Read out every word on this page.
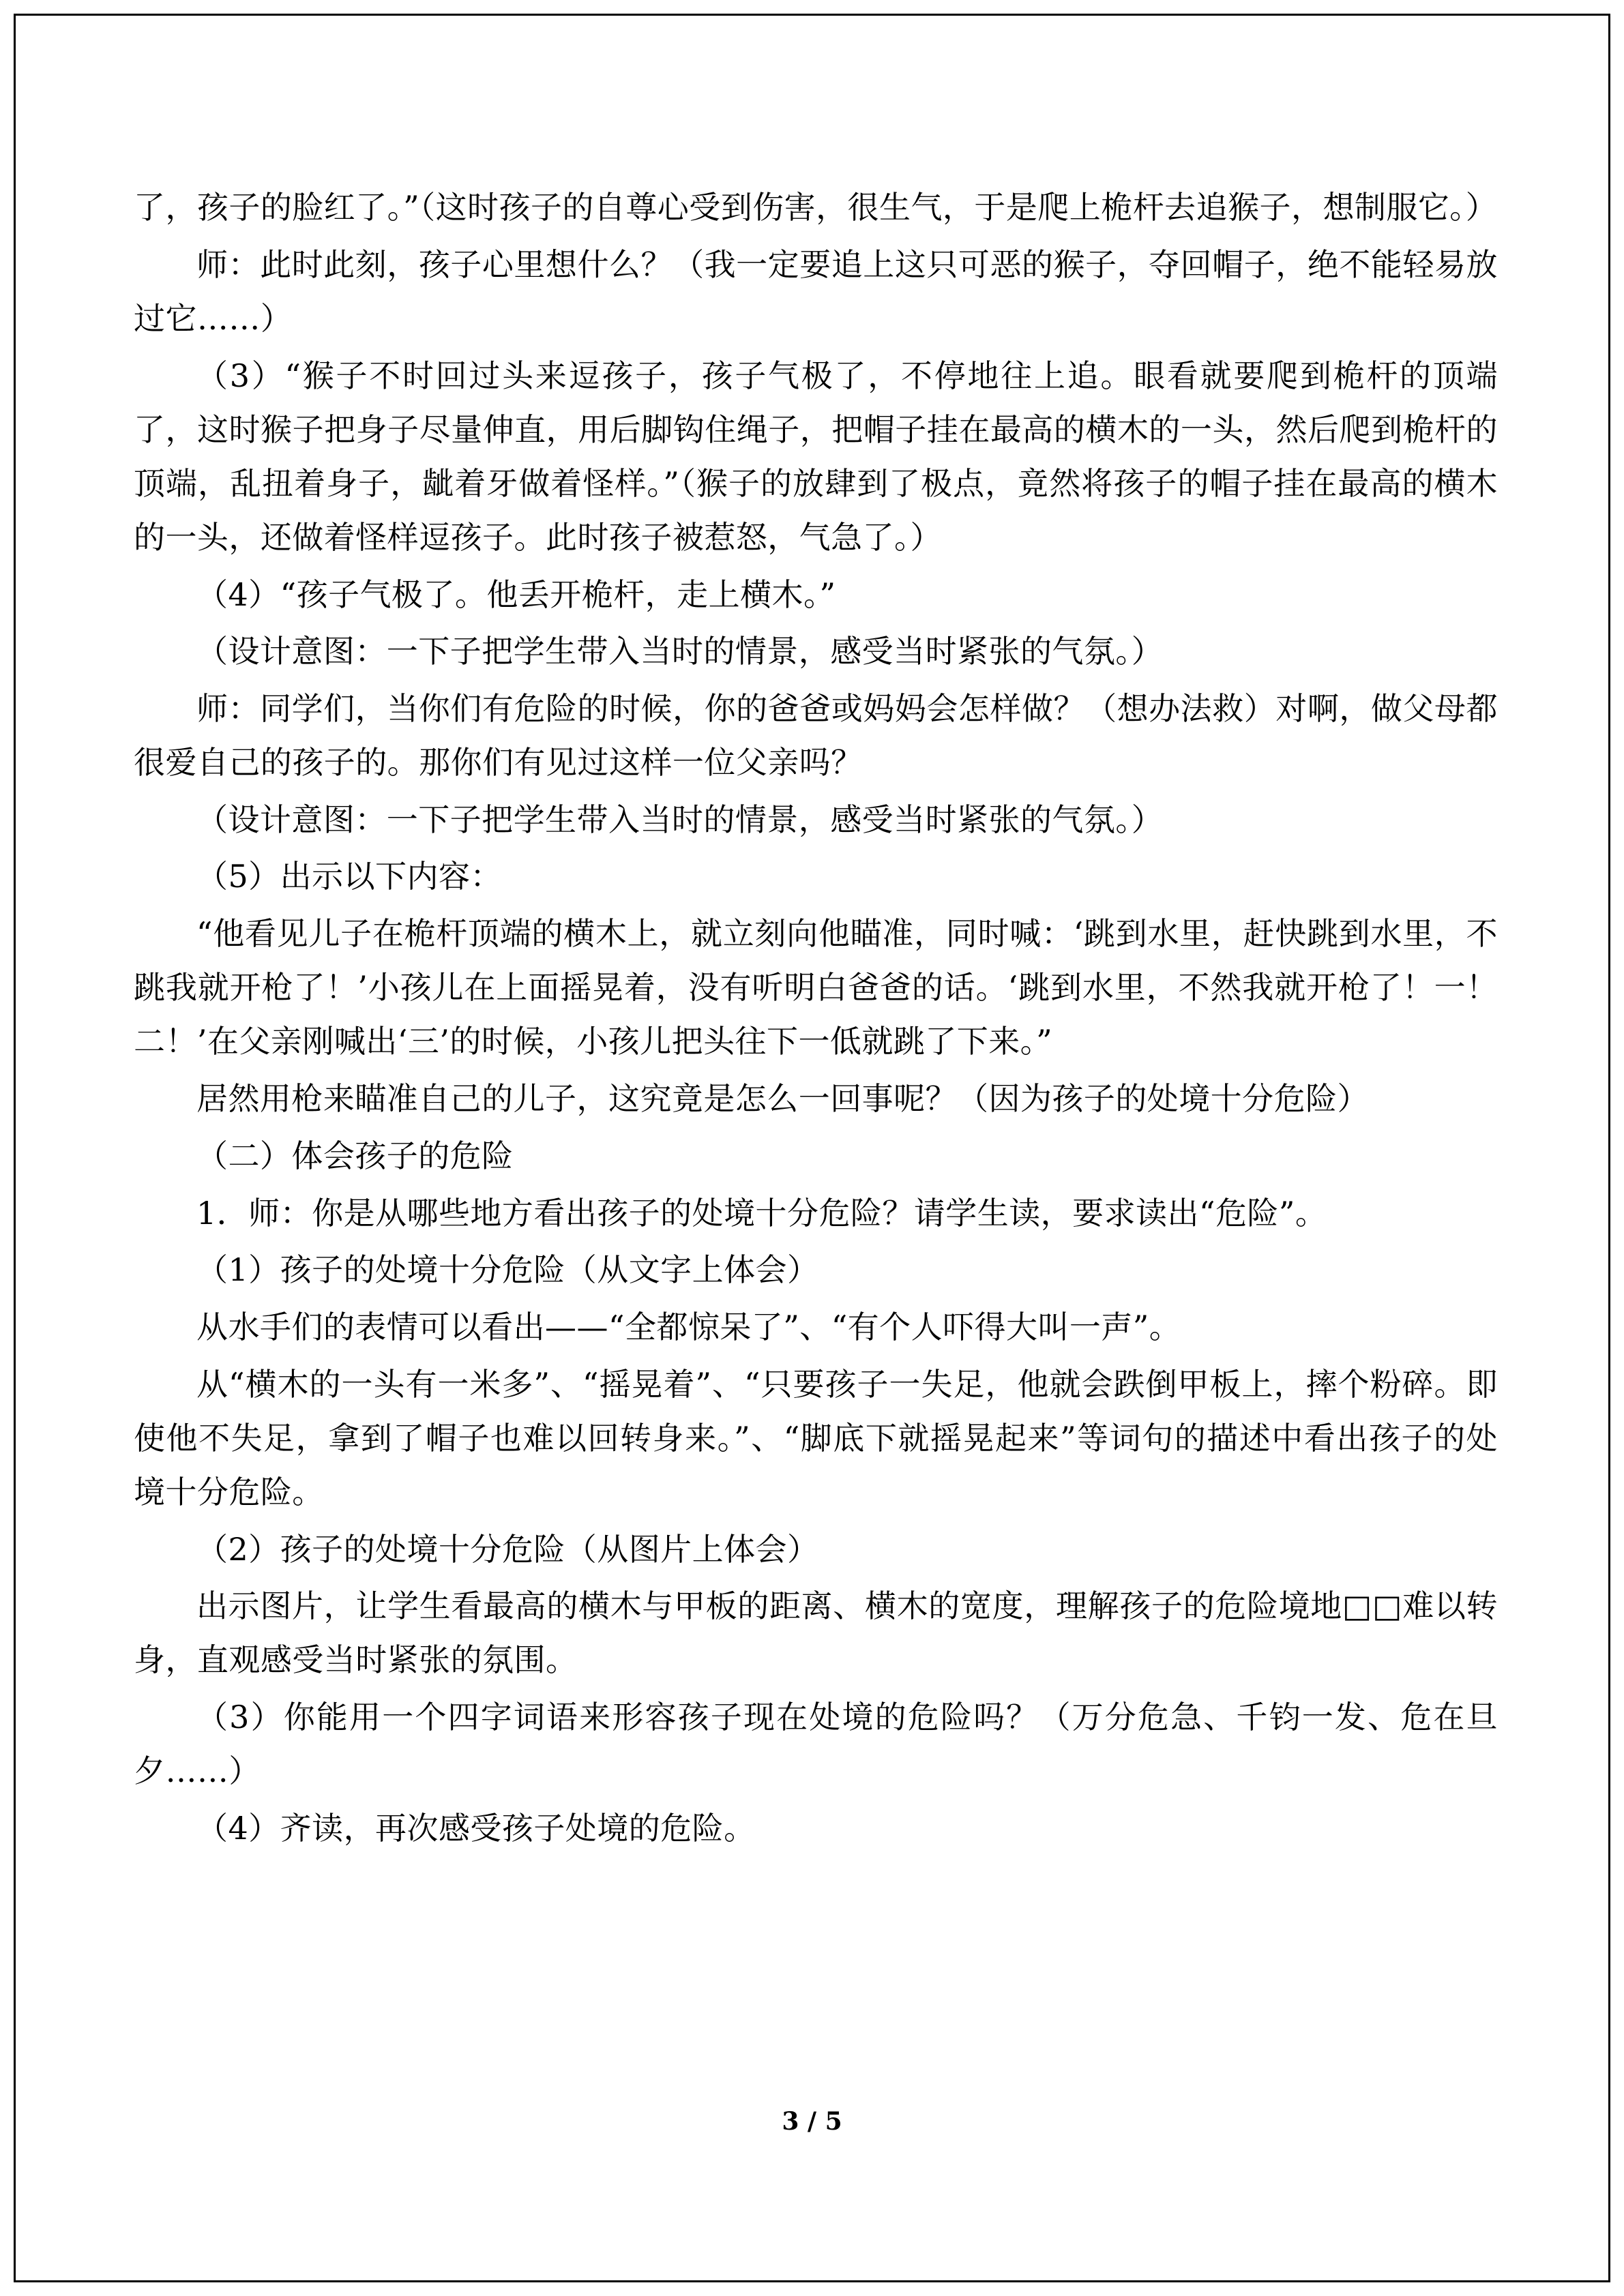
了，孩子的脸红了。”（这时孩子的自尊心受到伤害，很生气，于是爬上桅杆去追猴子，想制服它。）

师：此时此刻，孩子心里想什么？（我一定要追上这只可恶的猴子，夺回帽子，绝不能轻易放过它……）

（3）“猴子不时回过头来逗孩子，孩子气极了，不停地往上追。眼看就要爬到桅杆的顶端了，这时猴子把身子尽量伸直，用后脚钩住绳子，把帽子挂在最高的横木的一头，然后爬到桅杆的顶端，乱扭着身子，龇着牙做着怪样。”（猴子的放肆到了极点，竟然将孩子的帽子挂在最高的横木的一头，还做着怪样逗孩子。此时孩子被惹怒，气急了。）

（4）“孩子气极了。他丢开桅杆，走上横木。”

（设计意图：一下子把学生带入当时的情景，感受当时紧张的气氛。）

师：同学们，当你们有危险的时候，你的爸爸或妈妈会怎样做？（想办法救）对啊，做父母都很爱自己的孩子的。那你们有见过这样一位父亲吗？

（设计意图：一下子把学生带入当时的情景，感受当时紧张的气氛。）

（5）出示以下内容：

“他看见儿子在桅杆顶端的横木上，就立刻向他瞄准，同时喊：‘跳到水里，赶快跳到水里，不跳我就开枪了！’小孩儿在上面摇晃着，没有听明白爸爸的话。‘跳到水里，不然我就开枪了！一！二！’在父亲刚喊出‘三’的时候，小孩儿把头往下一低就跳了下来。”

居然用枪来瞄准自己的儿子，这究竟是怎么一回事呢？（因为孩子的处境十分危险）

（二）体会孩子的危险

1．师：你是从哪些地方看出孩子的处境十分危险？请学生读，要求读出“危险”。

（1）孩子的处境十分危险（从文字上体会）

从水手们的表情可以看出——“全都惊呆了”、“有个人吓得大叫一声”。

从“横木的一头有一米多”、“摇晃着”、“只要孩子一失足，他就会跌倒甲板上，摔个粉碎。即使他不失足，拿到了帽子也难以回转身来。”、“脚底下就摇晃起来”等词句的描述中看出孩子的处境十分危险。

（2）孩子的处境十分危险（从图片上体会）

出示图片，让学生看最高的横木与甲板的距离、横木的宽度，理解孩子的危险境地□□难以转身，直观感受当时紧张的氛围。

（3）你能用一个四字词语来形容孩子现在处境的危险吗？（万分危急、千钧一发、危在旦夕……）

（4）齐读，再次感受孩子处境的危险。

3 / 5
